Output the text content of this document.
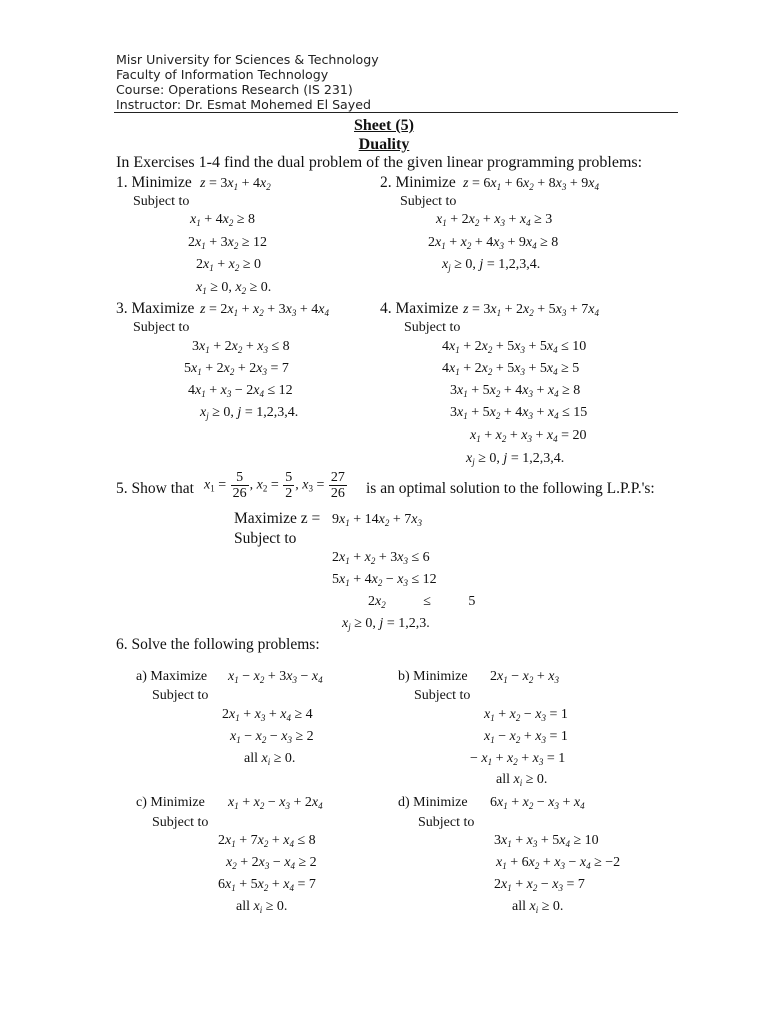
Misr University for Sciences & Technology
Faculty of Information Technology
Course: Operations Research (IS 231)
Instructor: Dr. Esmat Mohemed El Sayed
Sheet (5)
Duality
In Exercises 1-4 find the dual problem of the given linear programming problems:
1. Minimize $z = 3x_1 + 4x_2$
Subject to
$x_1 + 4x_2 \ge 8$
$2x_1 + 3x_2 \ge 12$
$2x_1 + x_2 \ge 0$
$x_1 \ge 0$, $x_2 \ge 0$.
2. Minimize $z = 6x_1 + 6x_2 + 8x_3 + 9x_4$
Subject to
$x_1 + 2x_2 + x_3 + x_4 \ge 3$
$2x_1 + x_2 + 4x_3 + 9x_4 \ge 8$
$x_j \ge 0$, j = 1,2,3,4.
3. Maximize $z = 2x_1 + x_2 + 3x_3 + 4x_4$
Subject to
$3x_1 + 2x_2 + x_3 \le 8$
$5x_1 + 2x_2 + 2x_3 = 7$
$4x_1 + x_3 - 2x_4 \le 12$
$x_j \ge 0$, j = 1,2,3,4.
4. Maximize $z = 3x_1 + 2x_2 + 5x_3 + 7x_4$
Subject to
$4x_1 + 2x_2 + 5x_3 + 5x_4 \le 10$
$4x_1 + 2x_2 + 5x_3 + 5x_4 \ge 5$
$3x_1 + 5x_2 + 4x_3 + x_4 \ge 8$
$3x_1 + 5x_2 + 4x_3 + x_4 \le 15$
$x_1 + x_2 + x_3 + x_4 = 20$
$x_j \ge 0$, j = 1,2,3,4.
5. Show that $x_1 = \frac{5}{26}$ , $x_2 = \frac{5}{2}$ , $x_3 = \frac{27}{26}$ is an optimal solution to the following L.P.P.'s:
Maximize $z = 9x_1 + 14x_2 + 7x_3$
Subject to
$2x_1 + x_2 + 3x_3 \le 6$
$5x_1 + 4x_2 - x_3 \le 12$
$2x_2 \le 5$
$x_j \ge 0$, j = 1,2,3.
6. Solve the following problems:
a) Maximize $x_1 - x_2 + 3x_3 - x_4$
Subject to
$2x_1 + x_3 + x_4 \ge 4$
$x_1 - x_2 - x_3 \ge 2$
all $x_i \ge 0$.
b) Minimize $2x_1 - x_2 + x_3$
Subject to
$x_1 + x_2 - x_3 = 1$
$x_1 - x_2 + x_3 = 1$
− $x_1 + x_2 + x_3 = 1$
all $x_i \ge 0$.
c) Minimize $x_1 + x_2 - x_3 + 2x_4$
Subject to
$2x_1 + 7x_2 + x_4 \le 8$
$x_2 + 2x_3 - x_4 \ge 2$
$6x_1 + 5x_2 + x_4 = 7$
all $x_i \ge 0$.
d) Minimize $6x_1 + x_2 - x_3 + x_4$
Subject to
$3x_1 + x_3 + 5x_4 \ge 10$
$x_1 + 6x_2 + x_3 - x_4 \ge -2$
$2x_1 + x_2 - x_3 = 7$
all $x_i \ge 0$.
